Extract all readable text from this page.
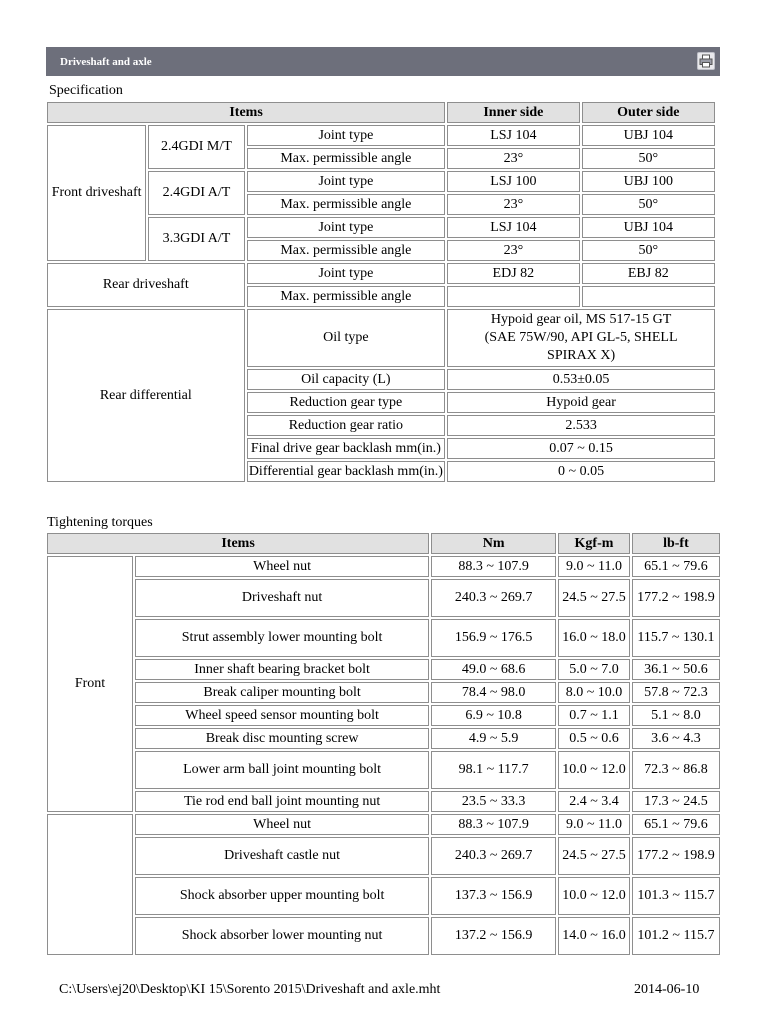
Driveshaft and axle
Specification
Items			Inner side	Outer side
Front driveshaft	2.4GDI M/T	Joint type	LSJ 104	UBJ 104
		Max. permissible angle	23°	50°
	2.4GDI A/T	Joint type	LSJ 100	UBJ 100
		Max. permissible angle	23°	50°
	3.3GDI A/T	Joint type	LSJ 104	UBJ 104
		Max. permissible angle	23°	50°
Rear driveshaft		Joint type	EDJ 82	EBJ 82
		Max. permissible angle		
Rear differential		Oil type	Hypoid gear oil, MS 517-15 GT (SAE 75W/90, API GL-5, SHELL SPIRAX X)	
		Oil capacity (L)	0.53±0.05	
		Reduction gear type	Hypoid gear	
		Reduction gear ratio	2.533	
		Final drive gear backlash mm(in.)	0.07 ~ 0.15	
		Differential gear backlash mm(in.)	0 ~ 0.05	
Tightening torques
Items		Nm	Kgf-m	lb-ft
Front	Wheel nut	88.3 ~ 107.9	9.0 ~ 11.0	65.1 ~ 79.6
	Driveshaft nut	240.3 ~ 269.7	24.5 ~ 27.5	177.2 ~ 198.9
	Strut assembly lower mounting bolt	156.9 ~ 176.5	16.0 ~ 18.0	115.7 ~ 130.1
	Inner shaft bearing bracket bolt	49.0 ~ 68.6	5.0 ~ 7.0	36.1 ~ 50.6
	Break caliper mounting bolt	78.4 ~ 98.0	8.0 ~ 10.0	57.8 ~ 72.3
	Wheel speed sensor mounting bolt	6.9 ~ 10.8	0.7 ~ 1.1	5.1 ~ 8.0
	Break disc mounting screw	4.9 ~ 5.9	0.5 ~ 0.6	3.6 ~ 4.3
	Lower arm ball joint mounting bolt	98.1 ~ 117.7	10.0 ~ 12.0	72.3 ~ 86.8
	Tie rod end ball joint mounting nut	23.5 ~ 33.3	2.4 ~ 3.4	17.3 ~ 24.5
	Wheel nut	88.3 ~ 107.9	9.0 ~ 11.0	65.1 ~ 79.6
	Driveshaft castle nut	240.3 ~ 269.7	24.5 ~ 27.5	177.2 ~ 198.9
	Shock absorber upper mounting bolt	137.3 ~ 156.9	10.0 ~ 12.0	101.3 ~ 115.7
	Shock absorber lower mounting nut	137.2 ~ 156.9	14.0 ~ 16.0	101.2 ~ 115.7
C:\Users\ej20\Desktop\KI 15\Sorento 2015\Driveshaft and axle.mht	2014-06-10
